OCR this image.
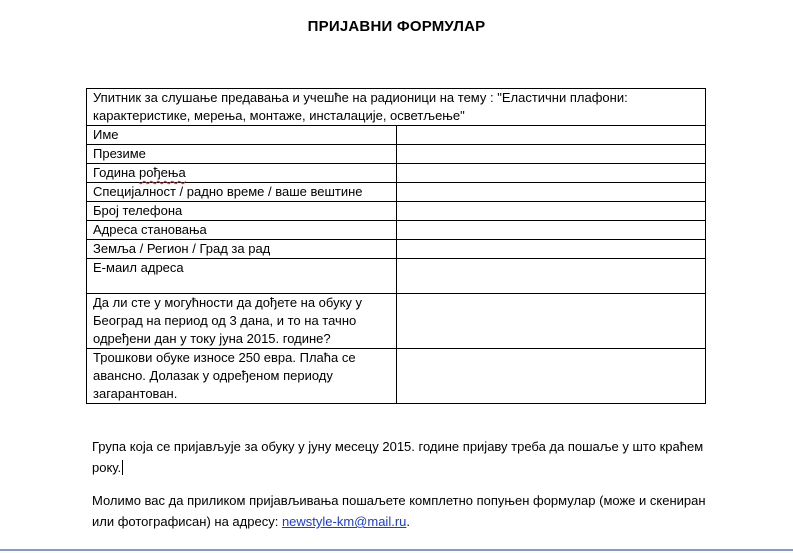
ПРИЈАВНИ ФОРМУЛАР
Упитник за слушање предавања и учешће на радионици на тему : "Еластични плафони: карактеристике, мерења, монтаже, инсталације, осветљење"	
Име	
Презиме	
Година рођења	
Специјалност / радно време / ваше вештине	
Број телефона	
Адреса становања	
Земља / Регион / Град за рад	
Е-маил адреса	
Да ли сте у могућности да дођете на обуку у Београд на период од 3 дана, и то на тачно одређени дан у току јуна 2015. године?	
Трошкови обуке износе 250 евра. Плаћа се авансно. Долазак у одређеном периоду загарантован.	
Група која се пријављује за обуку у јуну месецу 2015. године пријаву треба да пошаље у што краћем року.
Молимо вас да приликом пријављивања пошаљете комплетно попуњен формулар (може и скениран или фотографисан) на адресу: newstyle-km@mail.ru.
